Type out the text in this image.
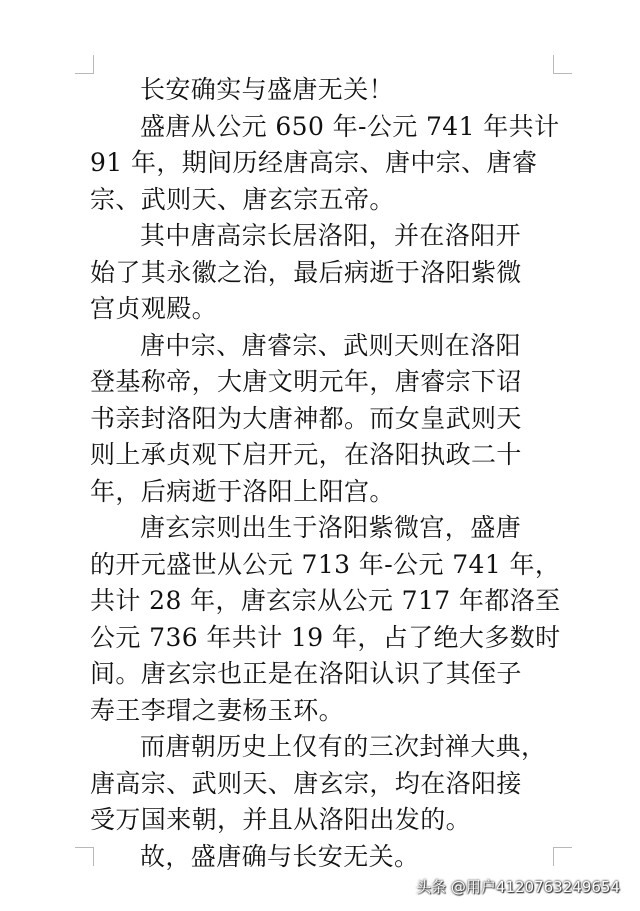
长安确实与盛唐无关！
盛唐从公元 650 年-公元 741 年共计
91 年，期间历经唐高宗、唐中宗、唐睿
宗、武则天、唐玄宗五帝。
其中唐高宗长居洛阳，并在洛阳开
始了其永徽之治，最后病逝于洛阳紫微
宫贞观殿。
唐中宗、唐睿宗、武则天则在洛阳
登基称帝，大唐文明元年，唐睿宗下诏
书亲封洛阳为大唐神都。而女皇武则天
则上承贞观下启开元，在洛阳执政二十
年，后病逝于洛阳上阳宫。
唐玄宗则出生于洛阳紫微宫，盛唐
的开元盛世从公元 713 年-公元 741 年，
共计 28 年，唐玄宗从公元 717 年都洛至
公元 736 年共计 19 年，占了绝大多数时
间。唐玄宗也正是在洛阳认识了其侄子
寿王李瑁之妻杨玉环。
而唐朝历史上仅有的三次封禅大典，
唐高宗、武则天、唐玄宗，均在洛阳接
受万国来朝，并且从洛阳出发的。
故，盛唐确与长安无关。
头条 @用户4120763249654
